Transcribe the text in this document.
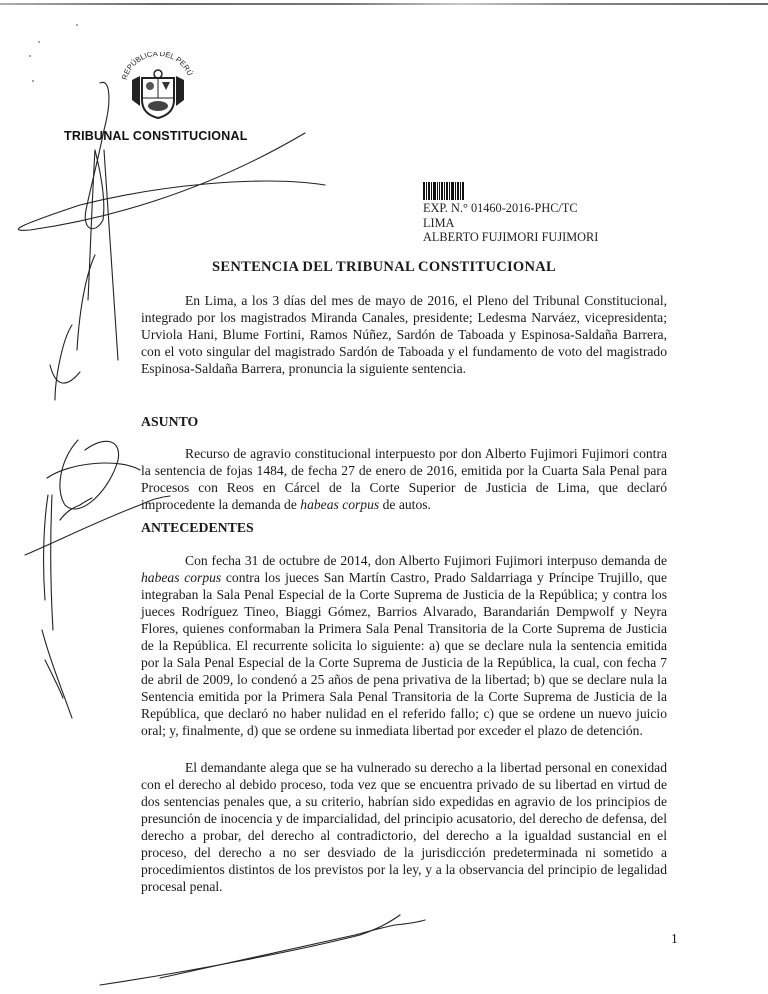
REPÚBLICA DEL PERÚ
TRIBUNAL CONSTITUCIONAL
EXP. N.° 01460-2016-PHC/TC
LIMA
ALBERTO FUJIMORI FUJIMORI
SENTENCIA DEL TRIBUNAL CONSTITUCIONAL

En Lima, a los 3 días del mes de mayo de 2016, el Pleno del Tribunal Constitucional, integrado por los magistrados Miranda Canales, presidente; Ledesma Narváez, vicepresidenta; Urviola Hani, Blume Fortini, Ramos Núñez, Sardón de Taboada y Espinosa-Saldaña Barrera, con el voto singular del magistrado Sardón de Taboada y el fundamento de voto del magistrado Espinosa-Saldaña Barrera, pronuncia la siguiente sentencia.

ASUNTO

Recurso de agravio constitucional interpuesto por don Alberto Fujimori Fujimori contra la sentencia de fojas 1484, de fecha 27 de enero de 2016, emitida por la Cuarta Sala Penal para Procesos con Reos en Cárcel de la Corte Superior de Justicia de Lima, que declaró improcedente la demanda de habeas corpus de autos.

ANTECEDENTES

Con fecha 31 de octubre de 2014, don Alberto Fujimori Fujimori interpuso demanda de habeas corpus contra los jueces San Martín Castro, Prado Saldarriaga y Príncipe Trujillo, que integraban la Sala Penal Especial de la Corte Suprema de Justicia de la República; y contra los jueces Rodríguez Tineo, Biaggi Gómez, Barrios Alvarado, Barandarián Dempwolf y Neyra Flores, quienes conformaban la Primera Sala Penal Transitoria de la Corte Suprema de Justicia de la República. El recurrente solicita lo siguiente: a) que se declare nula la sentencia emitida por la Sala Penal Especial de la Corte Suprema de Justicia de la República, la cual, con fecha 7 de abril de 2009, lo condenó a 25 años de pena privativa de la libertad; b) que se declare nula la Sentencia emitida por la Primera Sala Penal Transitoria de la Corte Suprema de Justicia de la República, que declaró no haber nulidad en el referido fallo; c) que se ordene un nuevo juicio oral; y, finalmente, d) que se ordene su inmediata libertad por exceder el plazo de detención.

El demandante alega que se ha vulnerado su derecho a la libertad personal en conexidad con el derecho al debido proceso, toda vez que se encuentra privado de su libertad en virtud de dos sentencias penales que, a su criterio, habrían sido expedidas en agravio de los principios de presunción de inocencia y de imparcialidad, del principio acusatorio, del derecho de defensa, del derecho a probar, del derecho al contradictorio, del derecho a la igualdad sustancial en el proceso, del derecho a no ser desviado de la jurisdicción predeterminada ni sometido a procedimientos distintos de los previstos por la ley, y a la observancia del principio de legalidad procesal penal.

1
